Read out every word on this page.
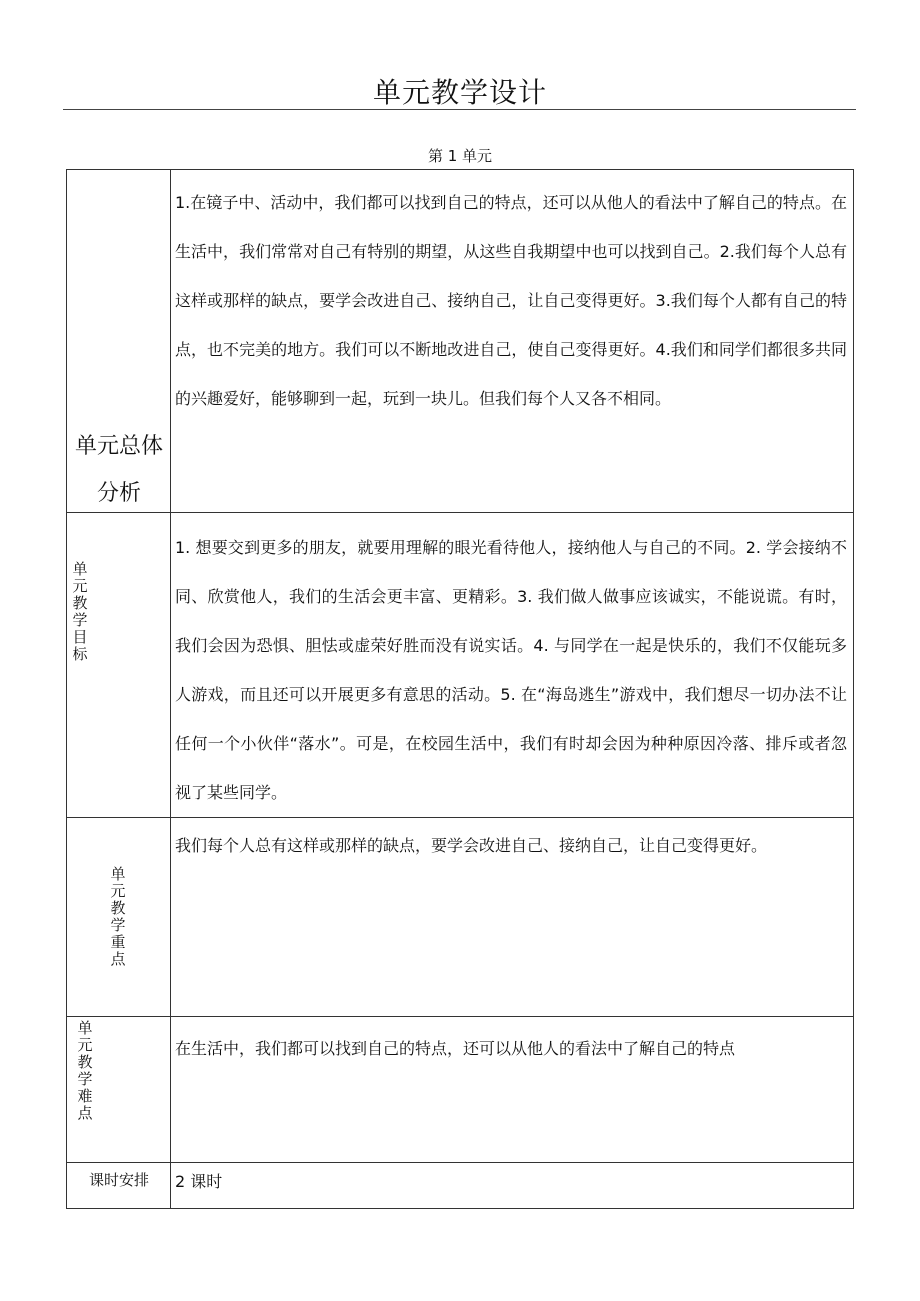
单元教学设计
第 1 单元
单元总体
分析	1.在镜子中、活动中，我们都可以找到自己的特点，还可以从他人的看法中了解自己的特点。在生活中，我们常常对自己有特别的期望，从这些自我期望中也可以找到自己。2.我们每个人总有这样或那样的缺点，要学会改进自己、接纳自己，让自己变得更好。3.我们每个人都有自己的特点，也不完美的地方。我们可以不断地改进自己，使自己变得更好。4.我们和同学们都很多共同的兴趣爱好，能够聊到一起，玩到一块儿。但我们每个人又各不相同。

单元教学目标	1. 想要交到更多的朋友，就要用理解的眼光看待他人，接纳他人与自己的不同。2. 学会接纳不同、欣赏他人，我们的生活会更丰富、更精彩。3. 我们做人做事应该诚实，不能说谎。有时，我们会因为恐惧、胆怯或虚荣好胜而没有说实话。4. 与同学在一起是快乐的，我们不仅能玩多人游戏，而且还可以开展更多有意思的活动。5. 在“海岛逃生”游戏中，我们想尽一切办法不让任何一个小伙伴“落水”。可是，在校园生活中，我们有时却会因为种种原因冷落、排斥或者忽视了某些同学。

单元教学重点	我们每个人总有这样或那样的缺点，要学会改进自己、接纳自己，让自己变得更好。

单元教学难点	在生活中，我们都可以找到自己的特点，还可以从他人的看法中了解自己的特点

课时安排	2 课时
